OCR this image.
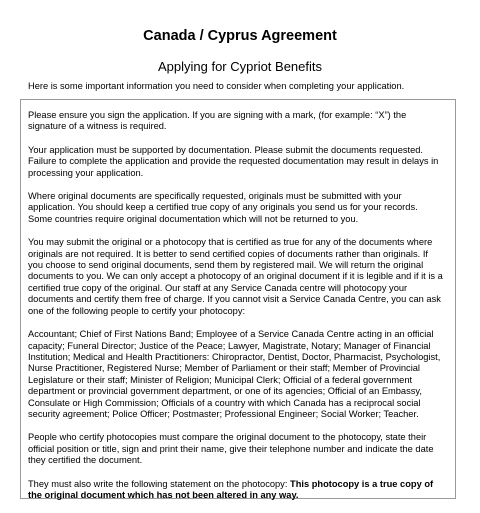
Canada / Cyprus Agreement
Applying for Cypriot Benefits
Here is some important information you need to consider when completing your application.

Please ensure you sign the application. If you are signing with a mark, (for example: “X”) the
signature of a witness is required.

Your application must be supported by documentation. Please submit the documents requested.
Failure to complete the application and provide the requested documentation may result in delays in
processing your application.

Where original documents are specifically requested, originals must be submitted with your
application. You should keep a certified true copy of any originals you send us for your records.
Some countries require original documentation which will not be returned to you.

You may submit the original or a photocopy that is certified as true for any of the documents where
originals are not required. It is better to send certified copies of documents rather than originals. If
you choose to send original documents, send them by registered mail. We will return the original
documents to you. We can only accept a photocopy of an original document if it is legible and if it is a
certified true copy of the original. Our staff at any Service Canada centre will photocopy your
documents and certify them free of charge. If you cannot visit a Service Canada Centre, you can ask
one of the following people to certify your photocopy:

Accountant; Chief of First Nations Band; Employee of a Service Canada Centre acting in an official
capacity; Funeral Director; Justice of the Peace; Lawyer, Magistrate, Notary; Manager of Financial
Institution; Medical and Health Practitioners: Chiropractor, Dentist, Doctor, Pharmacist, Psychologist,
Nurse Practitioner, Registered Nurse; Member of Parliament or their staff; Member of Provincial
Legislature or their staff; Minister of Religion; Municipal Clerk; Official of a federal government
department or provincial government department, or one of its agencies; Official of an Embassy,
Consulate or High Commission; Officials of a country with which Canada has a reciprocal social
security agreement; Police Officer; Postmaster; Professional Engineer; Social Worker; Teacher.

People who certify photocopies must compare the original document to the photocopy, state their
official position or title, sign and print their name, give their telephone number and indicate the date
they certified the document.

They must also write the following statement on the photocopy: This photocopy is a true copy of
the original document which has not been altered in any way.
